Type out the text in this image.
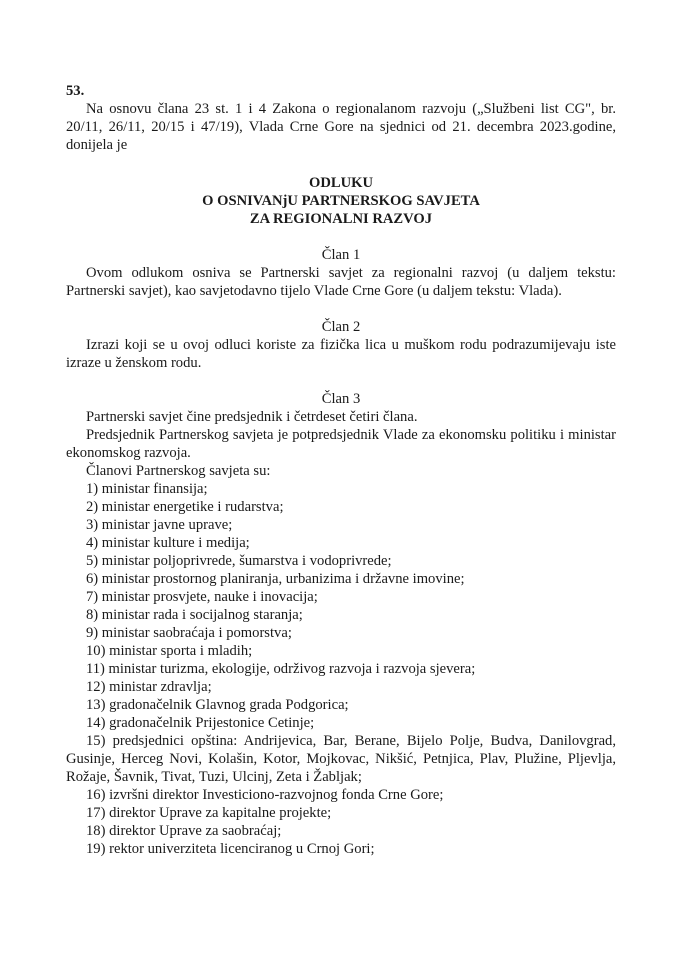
53.
Na osnovu člana 23 st. 1 i 4 Zakona o regionalanom razvoju („Službeni list CG", br. 20/11, 26/11, 20/15 i 47/19), Vlada Crne Gore na sjednici od 21. decembra 2023.godine, donijela je
ODLUKU
O OSNIVANjU PARTNERSKOG SAVJETA
ZA REGIONALNI RAZVOJ
Član 1
Ovom odlukom osniva se Partnerski savjet za regionalni razvoj (u daljem tekstu: Partnerski savjet), kao savjetodavno tijelo Vlade Crne Gore (u daljem tekstu: Vlada).
Član 2
Izrazi koji se u ovoj odluci koriste za fizička lica u muškom rodu podrazumijevaju iste izraze u ženskom rodu.
Član 3
Partnerski savjet čine predsjednik i četrdeset četiri člana.
Predsjednik Partnerskog savjeta je potpredsjednik Vlade za ekonomsku politiku i ministar ekonomskog razvoja.
Članovi Partnerskog savjeta su:
1) ministar finansija;
2) ministar energetike i rudarstva;
3) ministar javne uprave;
4) ministar kulture i medija;
5) ministar poljoprivrede, šumarstva i vodoprivrede;
6) ministar prostornog planiranja, urbanizima i državne imovine;
7) ministar prosvjete, nauke i inovacija;
8) ministar rada i socijalnog staranja;
9) ministar saobraćaja i pomorstva;
10) ministar sporta i mladih;
11) ministar turizma, ekologije, održivog razvoja i razvoja sjevera;
12) ministar zdravlja;
13) gradonačelnik Glavnog grada Podgorica;
14) gradonačelnik Prijestonice Cetinje;
15) predsjednici opština: Andrijevica, Bar, Berane, Bijelo Polje, Budva, Danilovgrad, Gusinje, Herceg Novi, Kolašin, Kotor, Mojkovac, Nikšić, Petnjica, Plav, Plužine, Pljevlja, Rožaje, Šavnik, Tivat, Tuzi, Ulcinj, Zeta i Žabljak;
16) izvršni direktor Investiciono-razvojnog fonda Crne Gore;
17) direktor Uprave za kapitalne projekte;
18) direktor Uprave za saobraćaj;
19) rektor univerziteta licenciranog u Crnoj Gori;
